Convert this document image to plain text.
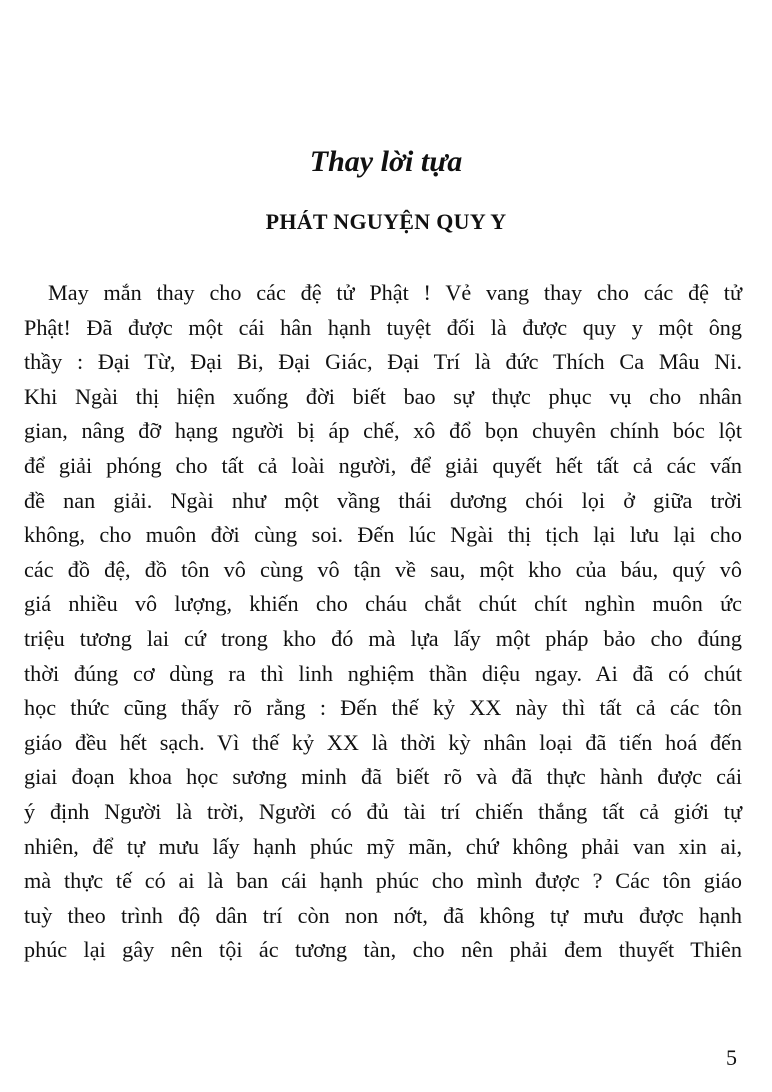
Thay lời tựa
PHÁT NGUYỆN QUY Y
May mắn thay cho các đệ tử Phật ! Vẻ vang thay cho các đệ tử
Phật! Đã được một cái hân hạnh tuyệt đối là được quy y một ông
thầy : Đại Từ, Đại Bi, Đại Giác, Đại Trí là đức Thích Ca Mâu Ni.
Khi Ngài thị hiện xuống đời biết bao sự thực phục vụ cho nhân
gian, nâng đỡ hạng người bị áp chế, xô đổ bọn chuyên chính bóc lột
để giải phóng cho tất cả loài người, để giải quyết hết tất cả các vấn
đề nan giải. Ngài như một vầng thái dương chói lọi ở giữa trời
không, cho muôn đời cùng soi. Đến lúc Ngài thị tịch lại lưu lại cho
các đồ đệ, đồ tôn vô cùng vô tận về sau, một kho của báu, quý vô
giá nhiều vô lượng, khiến cho cháu chắt chút chít nghìn muôn ức
triệu tương lai cứ trong kho đó mà lựa lấy một pháp bảo cho đúng
thời đúng cơ dùng ra thì linh nghiệm thần diệu ngay. Ai đã có chút
học thức cũng thấy rõ rằng : Đến thế kỷ XX này thì tất cả các tôn
giáo đều hết sạch. Vì thế kỷ XX là thời kỳ nhân loại đã tiến hoá đến
giai đoạn khoa học sương minh đã biết rõ và đã thực hành được cái
ý định Người là trời, Người có đủ tài trí chiến thắng tất cả giới tự
nhiên, để tự mưu lấy hạnh phúc mỹ mãn, chứ không phải van xin ai,
mà thực tế có ai là ban cái hạnh phúc cho mình được ? Các tôn giáo
tuỳ theo trình độ dân trí còn non nớt, đã không tự mưu được hạnh
phúc lại gây nên tội ác tương tàn, cho nên phải đem thuyết Thiên
5
